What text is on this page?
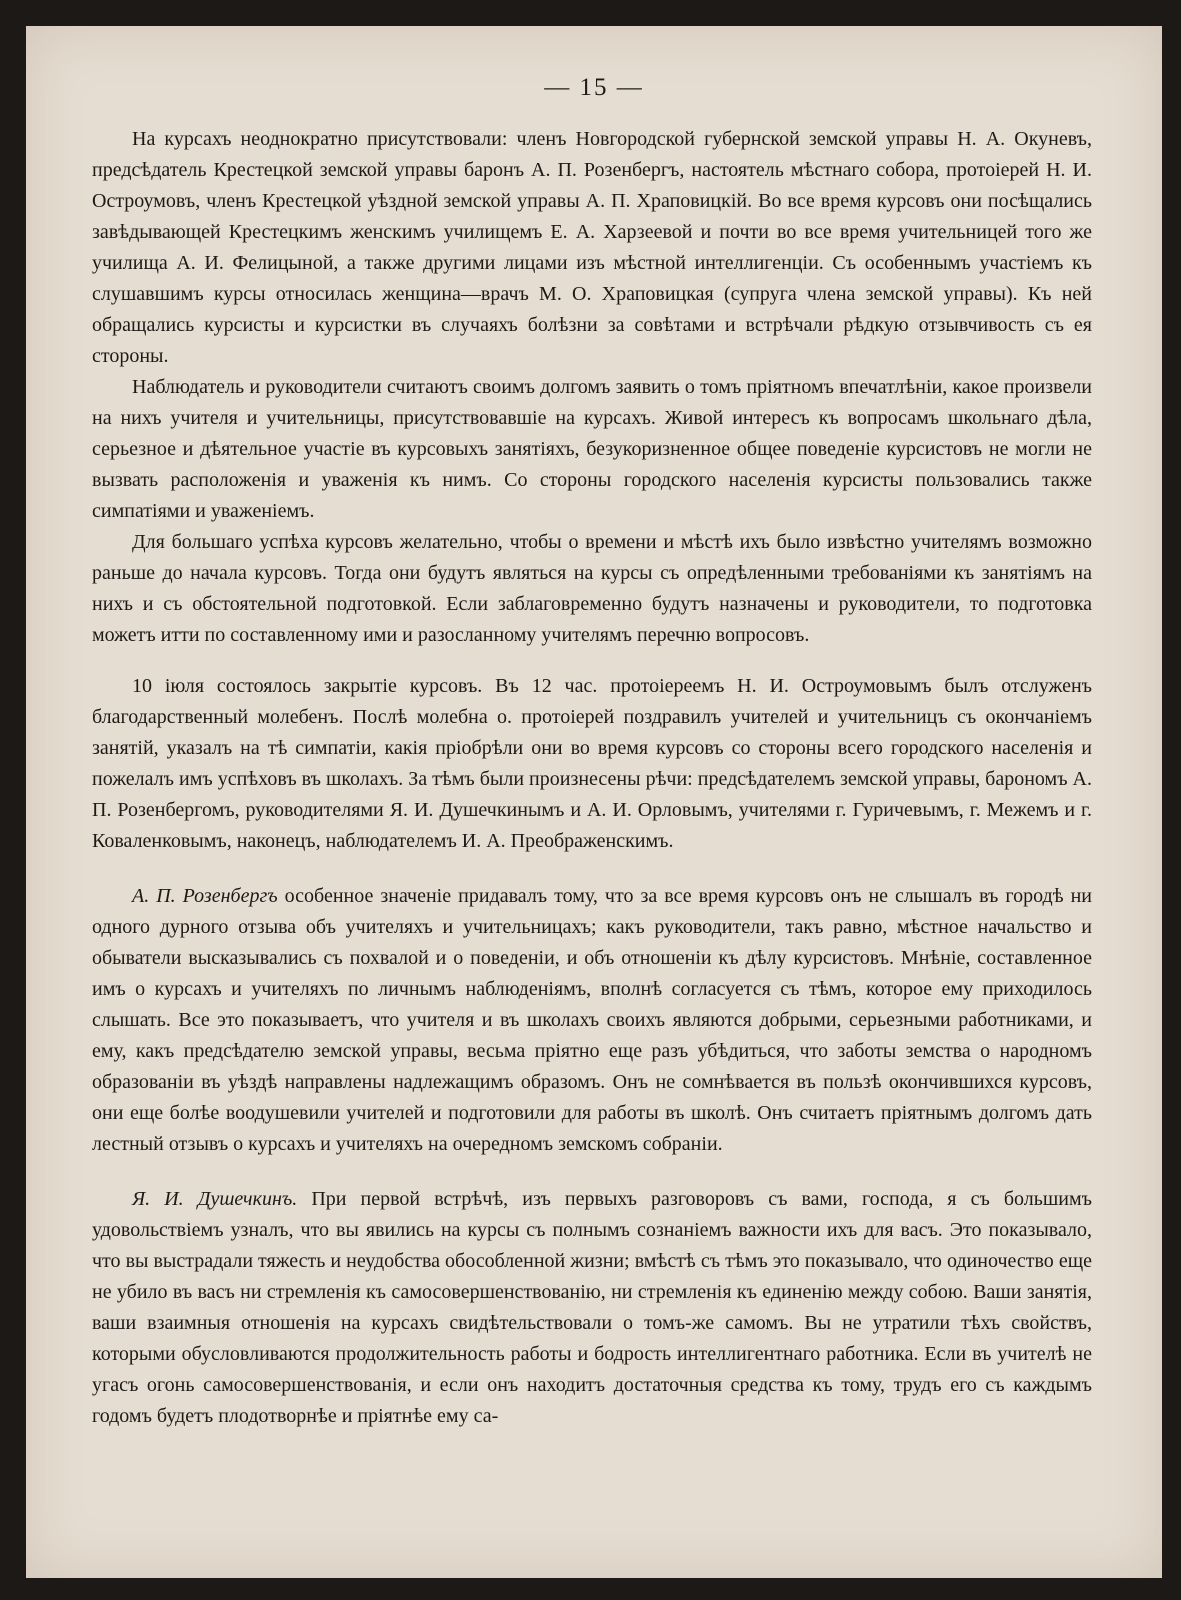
— 15 —

На курсахъ неоднократно присутствовали: членъ Новгородской губернской земской управы Н. А. Окуневъ, предсѣдатель Крестецкой земской управы баронъ А. П. Розенбергъ, настоятель мѣстнаго собора, протоіерей Н. И. Остроумовъ, членъ Крестецкой уѣздной земской управы А. П. Храповицкій. Во все время курсовъ они посѣщались завѣдывающей Крестецкимъ женскимъ училищемъ Е. А. Харзеевой и почти во все время учительницей того же училища А. И. Фелицыной, а также другими лицами изъ мѣстной интеллигенціи. Съ особеннымъ участіемъ къ слушавшимъ курсы относилась женщина—врачъ М. О. Храповицкая (супруга члена земской управы). Къ ней обращались курсисты и курсистки въ случаяхъ болѣзни за совѣтами и встрѣчали рѣдкую отзывчивость съ ея стороны.

Наблюдатель и руководители считаютъ своимъ долгомъ заявить о томъ пріятномъ впечатлѣніи, какое произвели на нихъ учителя и учительницы, присутствовавшіе на курсахъ. Живой интересъ къ вопросамъ школьнаго дѣла, серьезное и дѣятельное участіе въ курсовыхъ занятіяхъ, безукоризненное общее поведеніе курсистовъ не могли не вызвать расположенія и уваженія къ нимъ. Со стороны городского населенія курсисты пользовались также симпатіями и уваженіемъ.

Для большаго успѣха курсовъ желательно, чтобы о времени и мѣстѣ ихъ было извѣстно учителямъ возможно раньше до начала курсовъ. Тогда они будутъ являться на курсы съ опредѣленными требованіями къ занятіямъ на нихъ и съ обстоятельной подготовкой. Если заблаговременно будутъ назначены и руководители, то подготовка можетъ итти по составленному ими и разосланному учителямъ перечню вопросовъ.

10 іюля состоялось закрытіе курсовъ. Въ 12 час. протоіереемъ Н. И. Остроумовымъ былъ отслуженъ благодарственный молебенъ. Послѣ молебна о. протоіерей поздравилъ учителей и учительницъ съ окончаніемъ занятій, указалъ на тѣ симпатіи, какія пріобрѣли они во время курсовъ со стороны всего городского населенія и пожелалъ имъ успѣховъ въ школахъ. За тѣмъ были произнесены рѣчи: предсѣдателемъ земской управы, барономъ А. П. Розенбергомъ, руководителями Я. И. Душечкинымъ и А. И. Орловымъ, учителями г. Гуричевымъ, г. Межемъ и г. Коваленковымъ, наконецъ, наблюдателемъ И. А. Преображенскимъ.

А. П. Розенбергъ особенное значеніе придавалъ тому, что за все время курсовъ онъ не слышалъ въ городѣ ни одного дурного отзыва объ учителяхъ и учительницахъ; какъ руководители, такъ равно, мѣстное начальство и обыватели высказывались съ похвалой и о поведеніи, и объ отношеніи къ дѣлу курсистовъ. Мнѣніе, составленное имъ о курсахъ и учителяхъ по личнымъ наблюденіямъ, вполнѣ согласуется съ тѣмъ, которое ему приходилось слышать. Все это показываетъ, что учителя и въ школахъ своихъ являются добрыми, серьезными работниками, и ему, какъ предсѣдателю земской управы, весьма пріятно еще разъ убѣдиться, что заботы земства о народномъ образованіи въ уѣздѣ направлены надлежащимъ образомъ. Онъ не сомнѣвается въ пользѣ окончившихся курсовъ, они еще болѣе воодушевили учителей и подготовили для работы въ школѣ. Онъ считаетъ пріятнымъ долгомъ дать лестный отзывъ о курсахъ и учителяхъ на очередномъ земскомъ собраніи.

Я. И. Душечкинъ. При первой встрѣчѣ, изъ первыхъ разговоровъ съ вами, господа, я съ большимъ удовольствіемъ узналъ, что вы явились на курсы съ полнымъ сознаніемъ важности ихъ для васъ. Это показывало, что вы выстрадали тяжесть и неудобства обособленной жизни; вмѣстѣ съ тѣмъ это показывало, что одиночество еще не убило въ васъ ни стремленія къ самосовершенствованію, ни стремленія къ единенію между собою. Ваши занятія, ваши взаимныя отношенія на курсахъ свидѣтельствовали о томъ-же самомъ. Вы не утратили тѣхъ свойствъ, которыми обусловливаются продолжительность работы и бодрость интеллигентнаго работника. Если въ учителѣ не угасъ огонь самосовершенствованія, и если онъ находитъ достаточныя средства къ тому, трудъ его съ каждымъ годомъ будетъ плодотворнѣе и пріятнѣе ему са-
